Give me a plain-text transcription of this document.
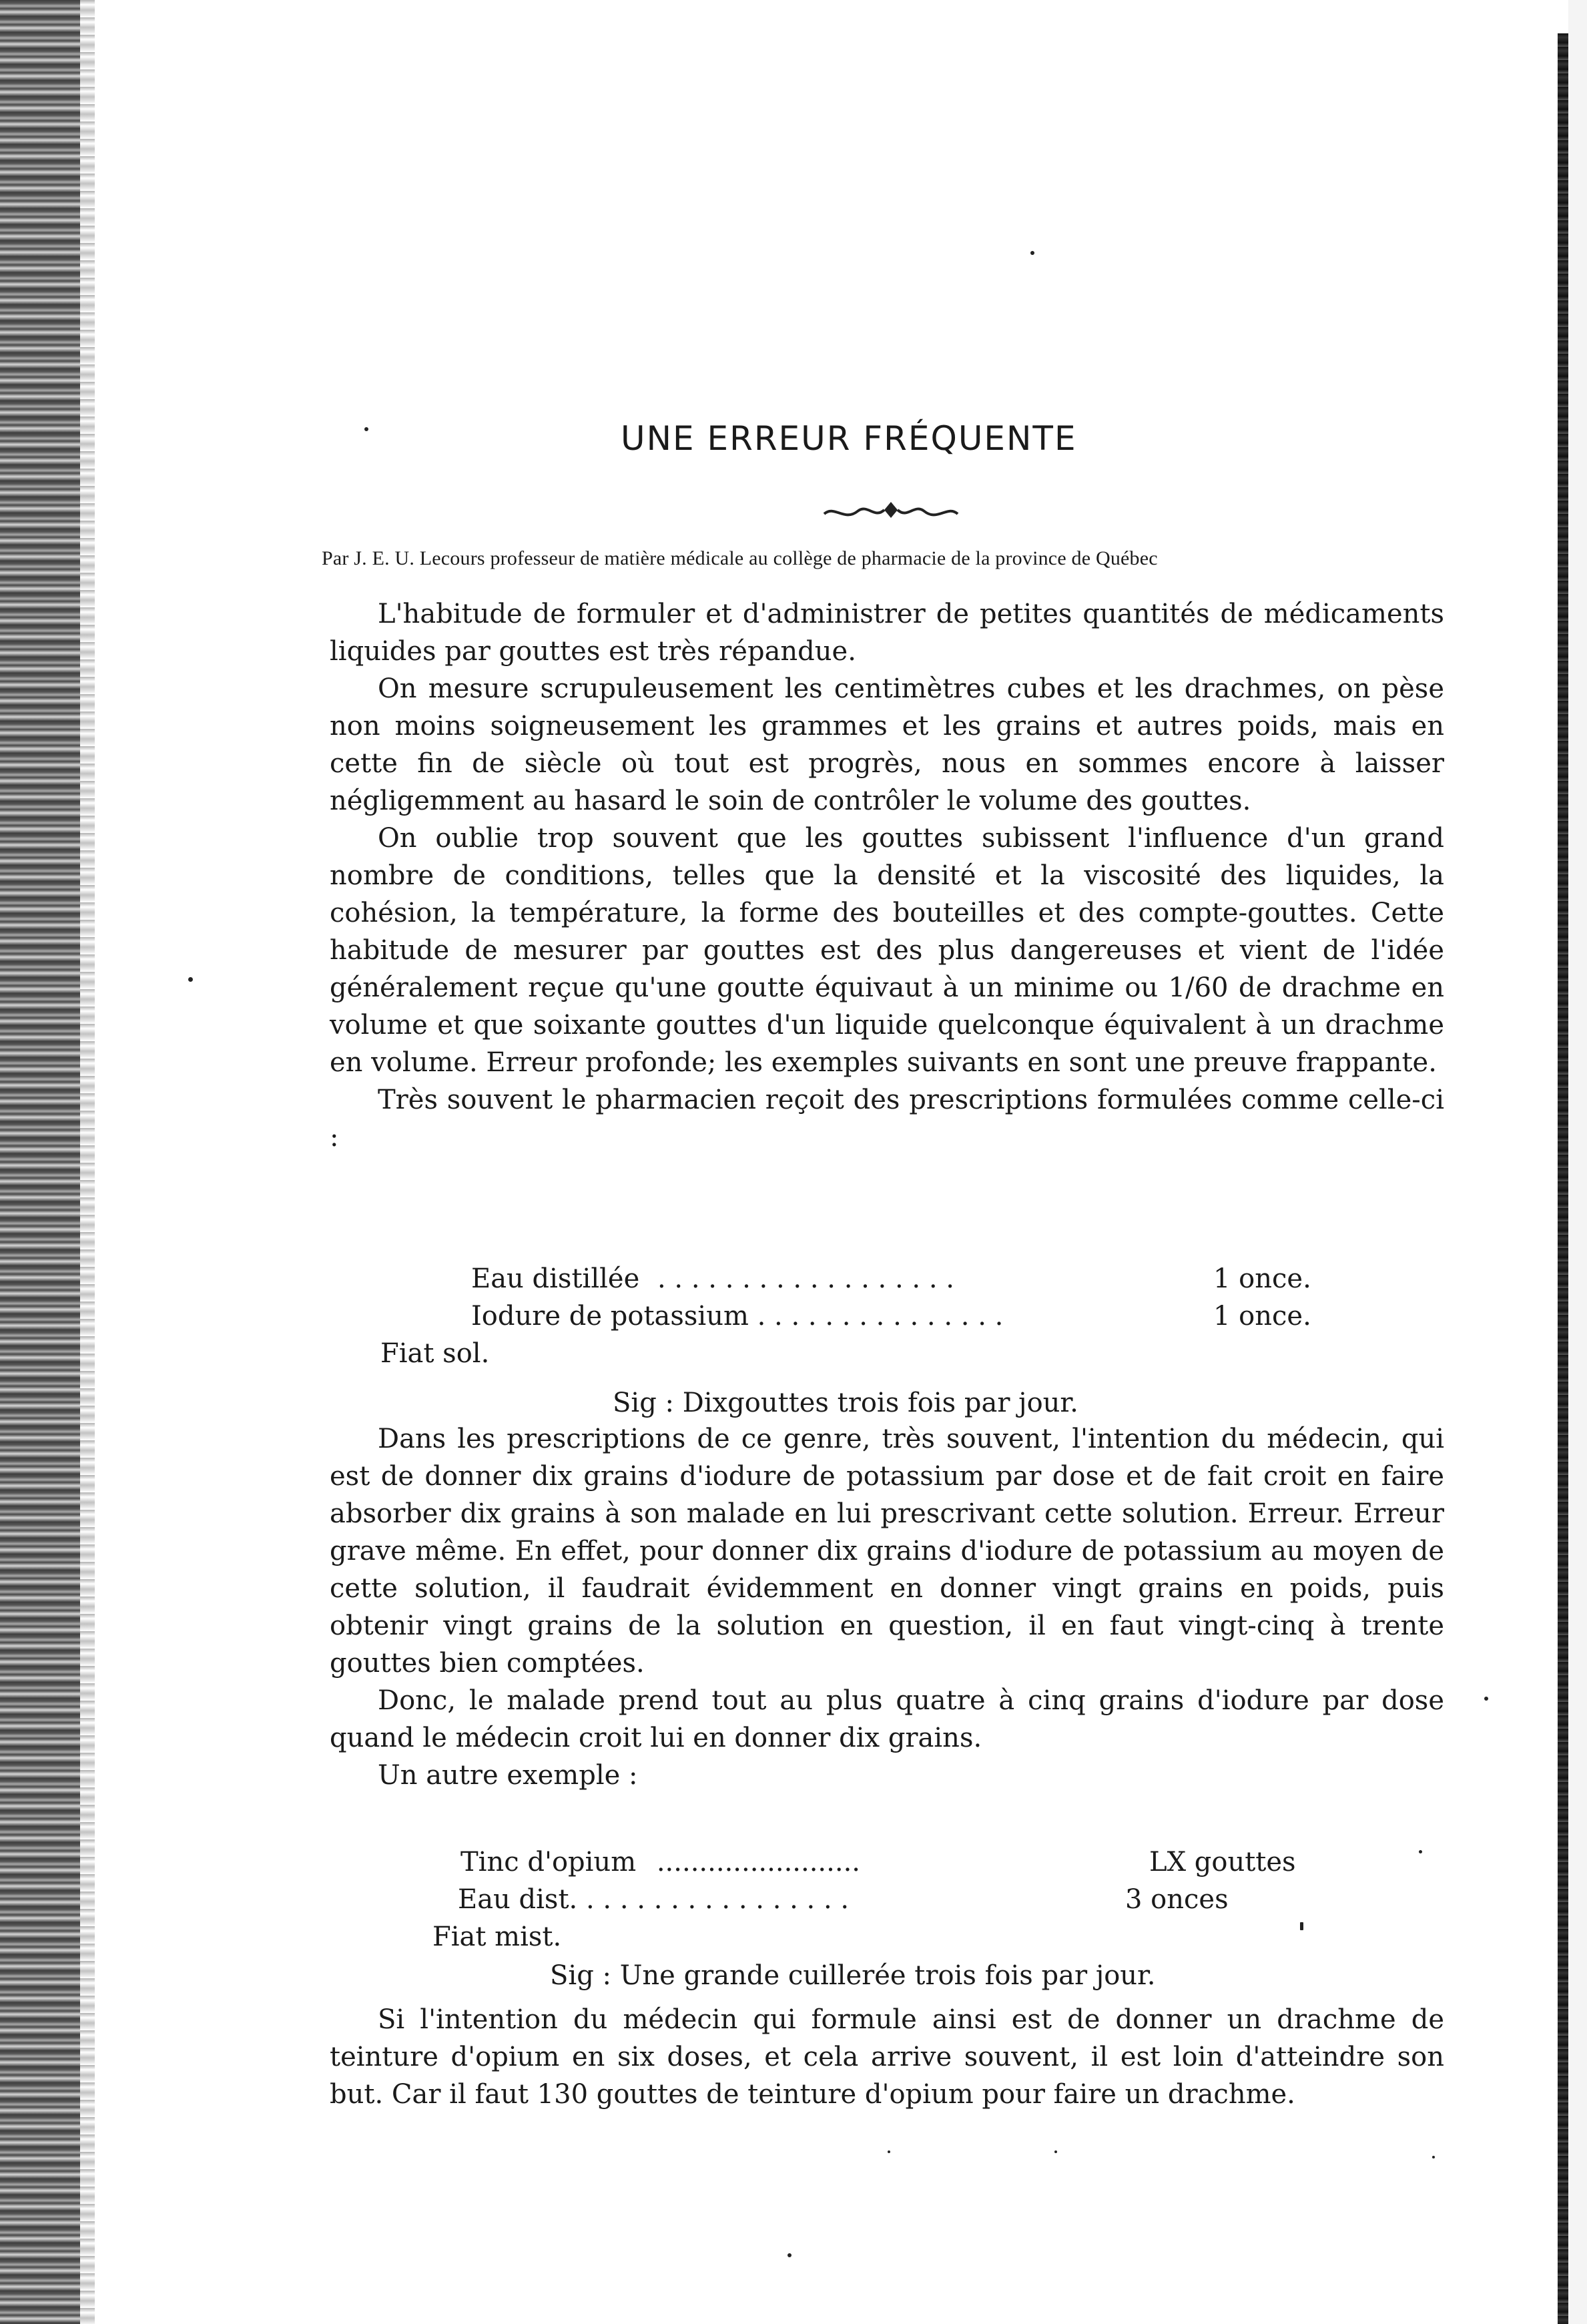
UNE ERREUR FRÉQUENTE
Par J. E. U. Lecours professeur de matière médicale au collège de pharmacie de la province de Québec

L'habitude de formuler et d'administrer de petites quantités de médicaments liquides par gouttes est très répandue.

On mesure scrupuleusement les centimètres cubes et les drachmes, on pèse non moins soigneusement les grammes et les grains et autres poids, mais en cette fin de siècle où tout est progrès, nous en sommes encore à laisser négligemment au hasard le soin de contrôler le volume des gouttes.

On oublie trop souvent que les gouttes subissent l'influence d'un grand nombre de conditions, telles que la densité et la viscosité des liquides, la cohésion, la température, la forme des bouteilles et des compte-gouttes. Cette habitude de mesurer par gouttes est des plus dangereuses et vient de l'idée généralement reçue qu'une goutte équivaut à un minime ou 1/60 de drachme en volume et que soixante gouttes d'un liquide quelconque équivalent à un drachme en volume. Erreur profonde; les exemples suivants en sont une preuve frappante.

Très souvent le pharmacien reçoit des prescriptions formulées comme celle-ci :

Eau distillée . . . . . . . . . . . . . . . . . .	1 once.
Iodure de potassium . . . . . . . . . . . . . . .	1 once.
Fiat sol.
Sig : Dixgouttes trois fois par jour.

Dans les prescriptions de ce genre, très souvent, l'intention du médecin, qui est de donner dix grains d'iodure de potassium par dose et de fait croit en faire absorber dix grains à son malade en lui prescrivant cette solution. Erreur. Erreur grave même. En effet, pour donner dix grains d'iodure de potassium au moyen de cette solution, il faudrait évidemment en donner vingt grains en poids, puis obtenir vingt grains de la solution en question, il en faut vingt-cinq à trente gouttes bien comptées.

Donc, le malade prend tout au plus quatre à cinq grains d'iodure par dose quand le médecin croit lui en donner dix grains.

Un autre exemple :

Tinc d'opium ........................	LX gouttes
Eau dist. . . . . . . . . . . . . . . . .	3 onces
Fiat mist.
Sig : Une grande cuillerée trois fois par jour.

Si l'intention du médecin qui formule ainsi est de donner un drachme de teinture d'opium en six doses, et cela arrive souvent, il est loin d'atteindre son but. Car il faut 130 gouttes de teinture d'opium pour faire un drachme.
